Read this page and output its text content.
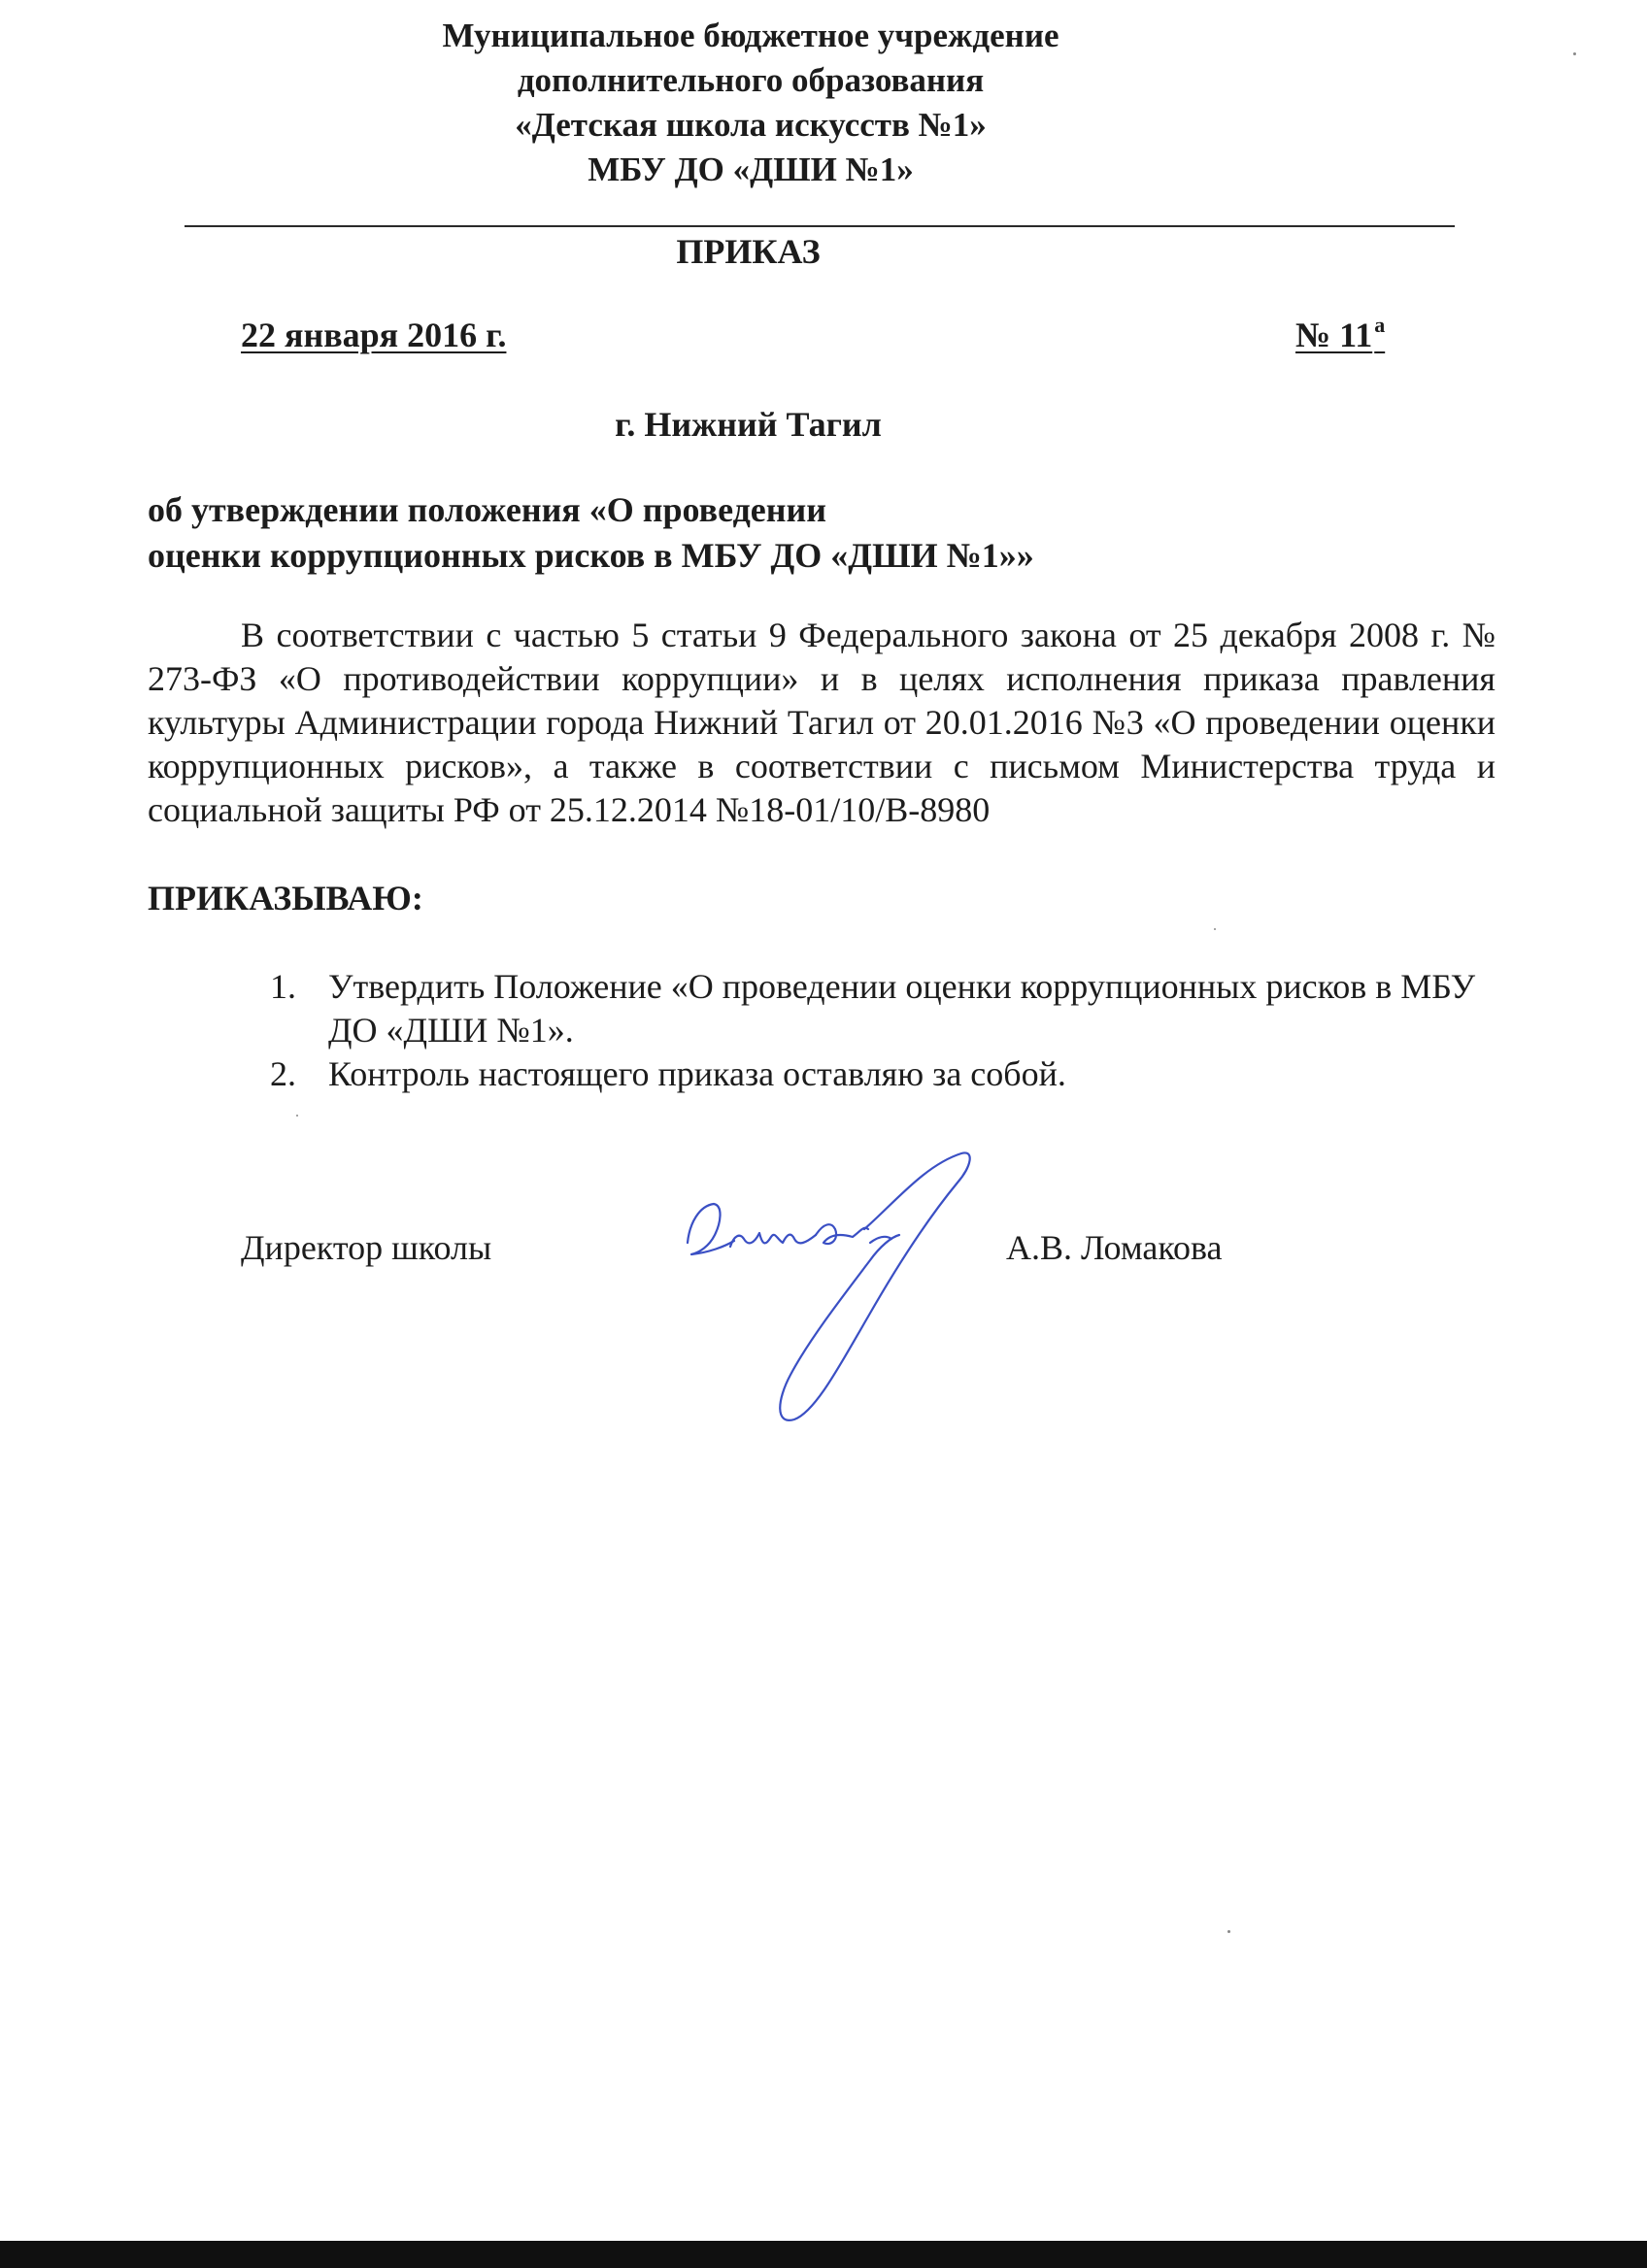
Муниципальное бюджетное учреждение
дополнительного образования
«Детская школа искусств №1»
МБУ ДО «ДШИ №1»
ПРИКАЗ
22 января 2016 г.	№ $11^а$
г. Нижний Тагил
об утверждении положения «О проведении
оценки коррупционных рисков в МБУ ДО «ДШИ №1»»
В соответствии с частью 5 статьи 9 Федерального закона от 25 декабря 2008 г. № 273-ФЗ «О противодействии коррупции» и в целях исполнения приказа правления культуры Администрации города Нижний Тагил от 20.01.2016 №3 «О проведении оценки коррупционных рисков», а также в соответствии с письмом Министерства труда и социальной защиты РФ от 25.12.2014 №18-01/10/В-8980
ПРИКАЗЫВАЮ:
1. Утвердить Положение «О проведении оценки коррупционных рисков в МБУ ДО «ДШИ №1».
2. Контроль настоящего приказа оставляю за собой.
Директор школы	А.В. Ломакова
